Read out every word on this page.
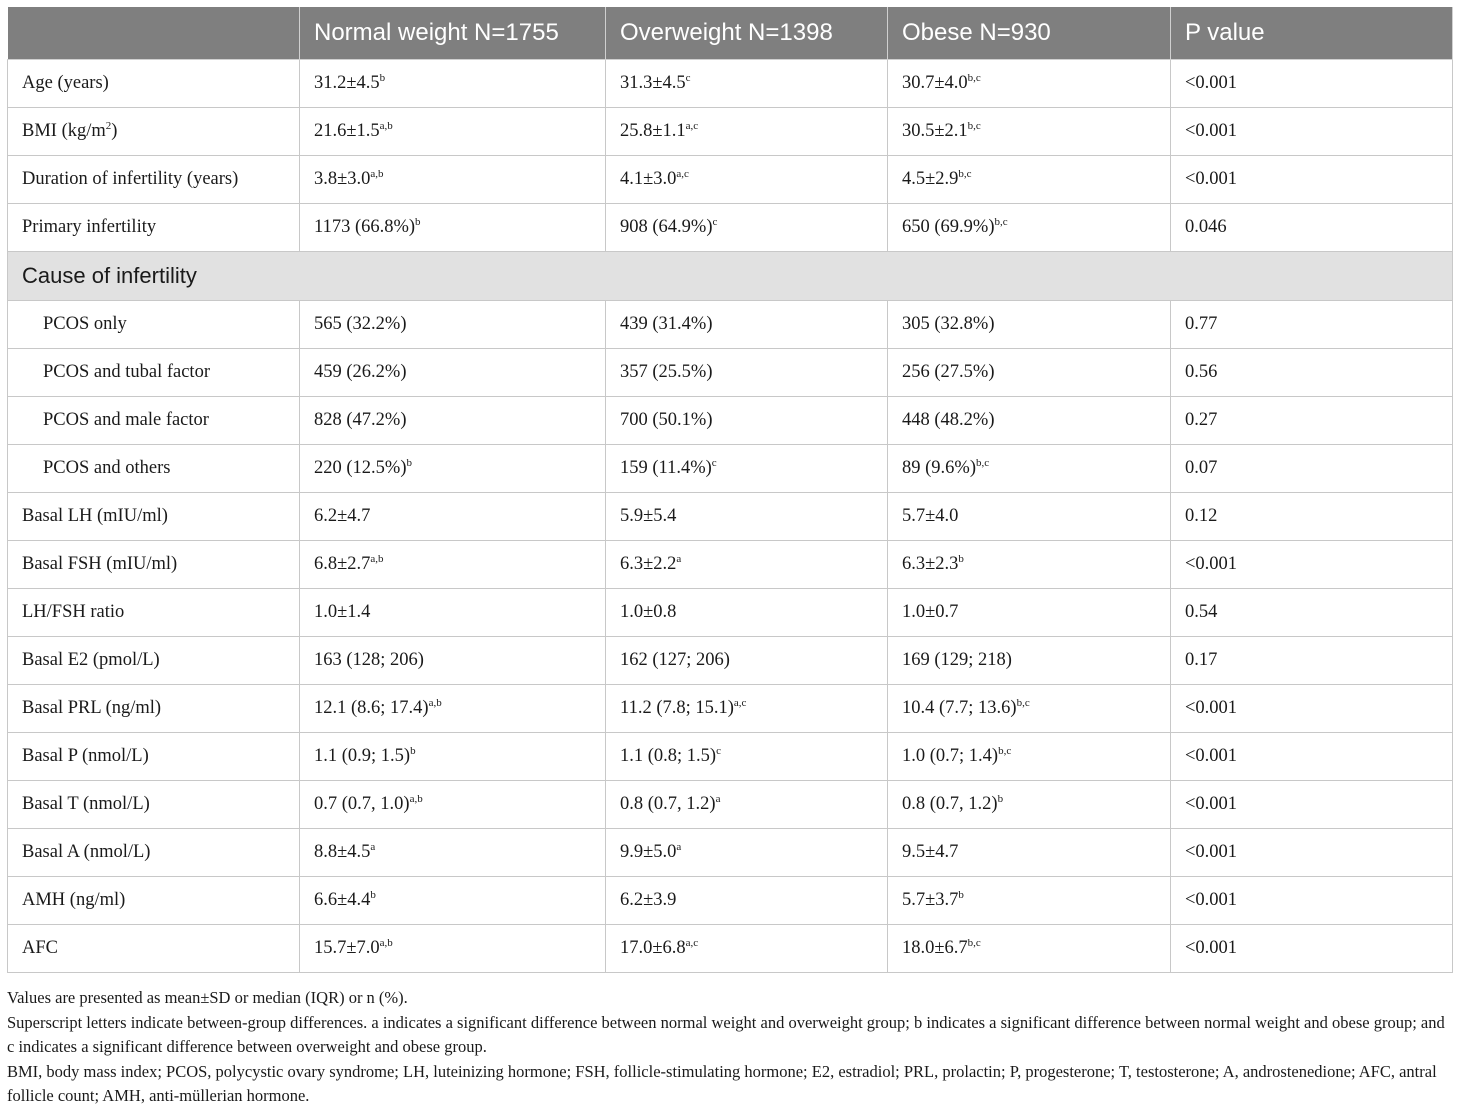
	Normal weight N=1755	Overweight N=1398	Obese N=930	P value
Age (years)	31.2±4.5$^b$	31.3±4.5$^c$	$30.7\pm 4.0^{b,c}$	<0.001
BMI $(kg/m^2)$	$21.6\pm 1.5^{a,b}$	$25.8\pm 1.1^{a,c}$	$30.5\pm 2.1^{b,c}$	<0.001
Duration of infertility (years)	$3.8\pm 3.0^{a,b}$	$4.1\pm 3.0^{a,c}$	$4.5\pm 2.9^{b,c}$	<0.001
Primary infertility	1173 $(66.8\%)^b$	908 $(64.9\%)^c$	650 $(69.9\%)^{b,c}$	0.046
Cause of infertility				
PCOS only	565 (32.2%)	439 (31.4%)	305 (32.8%)	0.77
PCOS and tubal factor	459 (26.2%)	357 (25.5%)	256 (27.5%)	0.56
PCOS and male factor	828 (47.2%)	700 (50.1%)	448 (48.2%)	0.27
PCOS and others	220 $(12.5\%)^b$	159 $(11.4\%)^c$	89 $(9.6\%)^{b,c}$	0.07
Basal LH (mIU/ml)	6.2±4.7	5.9±5.4	5.7±4.0	0.12
Basal FSH (mIU/ml)	$6.8\pm 2.7^{a,b}$	6.3±2.2$^a$	6.3±2.3$^b$	<0.001
LH/FSH ratio	1.0±1.4	1.0±0.8	1.0±0.7	0.54
Basal E2 (pmol/L)	163 (128; 206)	162 (127; 206)	169 (129; 218)	0.17
Basal PRL (ng/ml)	12.1 (8.6; 17.4)$^{a,b}$	11.2 (7.8; 15.1)$^{a,c}$	10.4 (7.7; 13.6)$^{b,c}$	<0.001
Basal P (nmol/L)	1.1 (0.9; 1.5)$^b$	1.1 (0.8; 1.5)$^c$	1.0 (0.7; 1.4)$^{b,c}$	<0.001
Basal T (nmol/L)	0.7 (0.7, 1.0)$^{a,b}$	0.8 (0.7, 1.2)$^a$	0.8 (0.7, 1.2)$^b$	<0.001
Basal A (nmol/L)	8.8±4.5$^a$	9.9±5.0$^a$	9.5±4.7	<0.001
AMH (ng/ml)	6.6±4.4$^b$	6.2±3.9	5.7±3.7$^b$	<0.001
AFC	$15.7\pm 7.0^{a,b}$	$17.0\pm 6.8^{a,c}$	$18.0\pm 6.7^{b,c}$	<0.001

Values are presented as mean±SD or median (IQR) or n (%).

Superscript letters indicate between-group differences. a indicates a significant difference between normal weight and overweight group; b indicates a significant difference between normal weight and obese group; and c indicates a significant difference between overweight and obese group.

BMI, body mass index; PCOS, polycystic ovary syndrome; LH, luteinizing hormone; FSH, follicle-stimulating hormone; E2, estradiol; PRL, prolactin; P, progesterone; T, testosterone; A, androstenedione; AFC, antral follicle count; AMH, anti-müllerian hormone.
